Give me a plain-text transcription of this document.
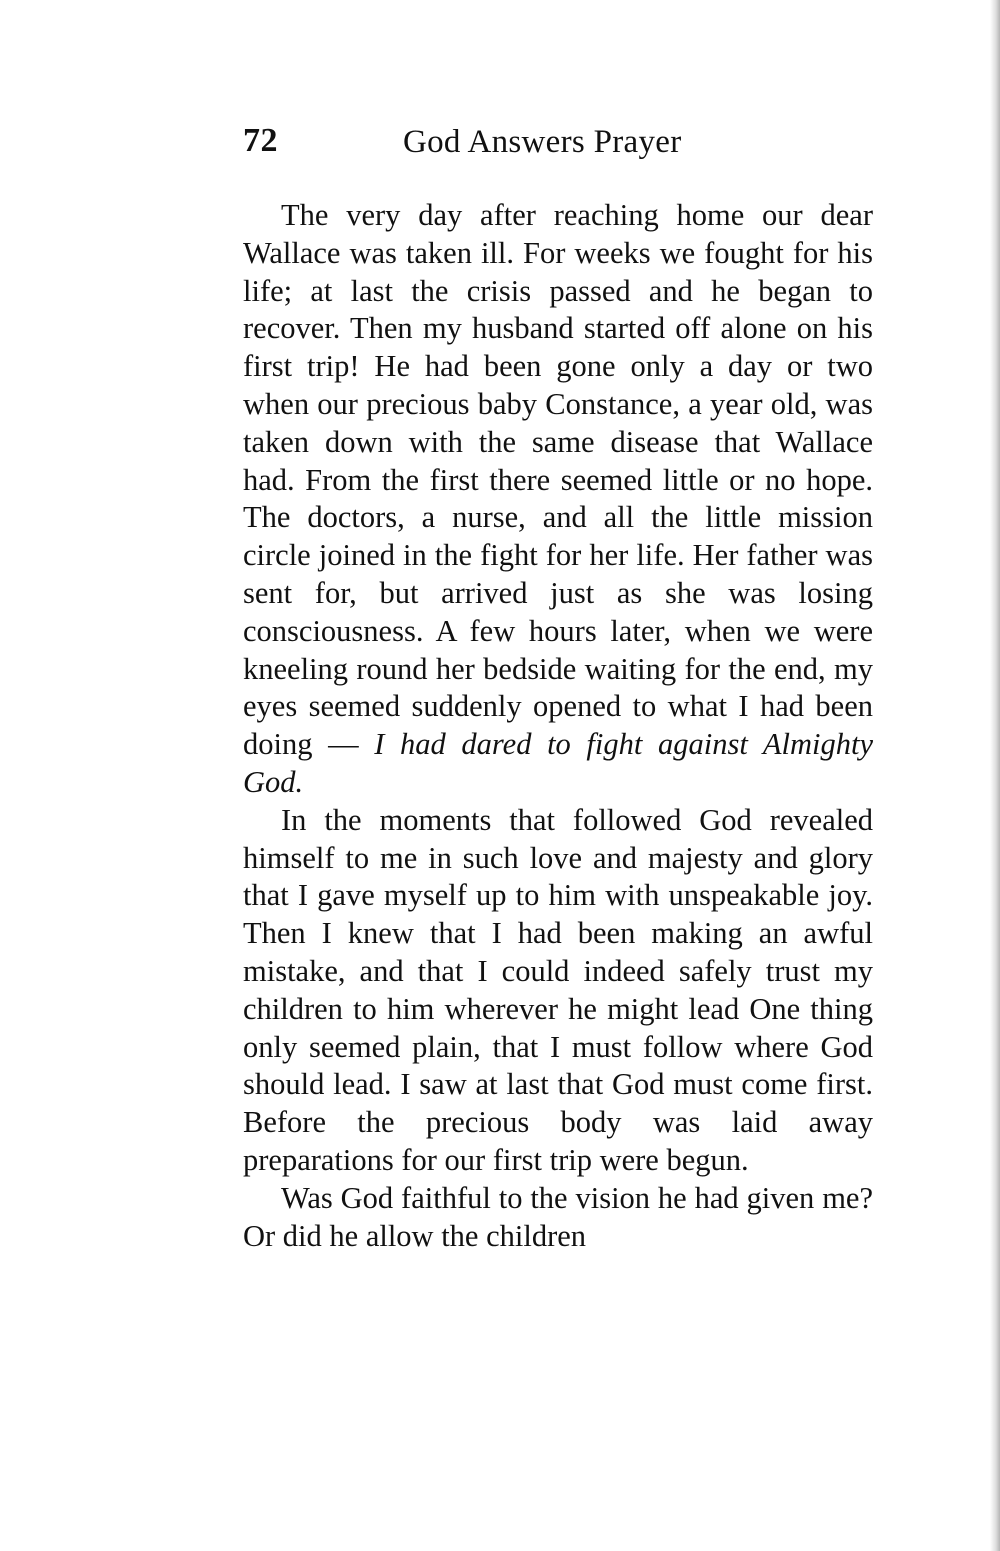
72	God Answers Prayer

The very day after reaching home our dear Wallace was taken ill. For weeks we fought for his life; at last the crisis passed and he began to recover. Then my husband started off alone on his first trip! He had been gone only a day or two when our precious baby Constance, a year old, was taken down with the same disease that Wallace had. From the first there seemed little or no hope. The doctors, a nurse, and all the little mission circle joined in the fight for her life. Her father was sent for, but arrived just as she was losing consciousness. A few hours later, when we were kneeling round her bedside waiting for the end, my eyes seemed suddenly opened to what I had been doing — I had dared to fight against Almighty God.

In the moments that followed God revealed himself to me in such love and majesty and glory that I gave myself up to him with unspeakable joy. Then I knew that I had been making an awful mistake, and that I could indeed safely trust my children to him wherever he might lead One thing only seemed plain, that I must follow where God should lead. I saw at last that God must come first. Before the precious body was laid away preparations for our first trip were begun.

Was God faithful to the vision he had given me? Or did he allow the children
